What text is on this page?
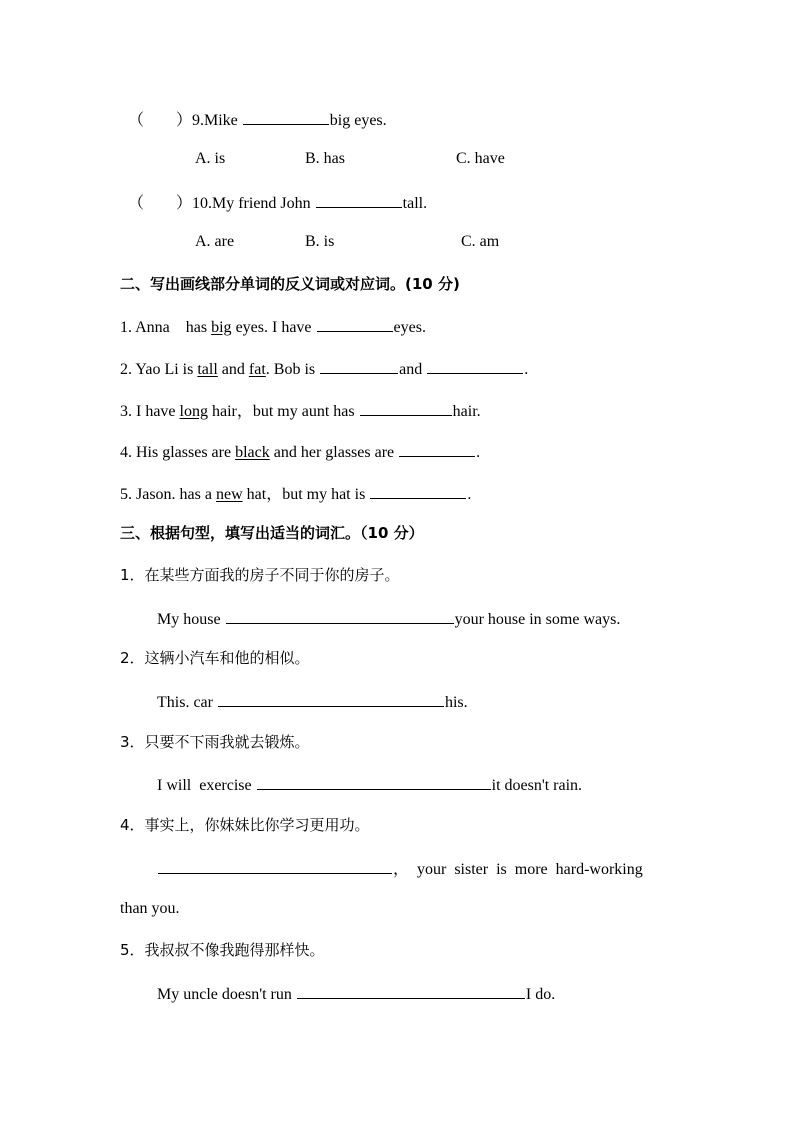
（ ）9.Mike	big eyes.
A. is	B. has	C. have
（ ）10.My friend John	tall.
A. are	B. is	C. am
二、写出画线部分单词的反义词或对应词。(10 分)
1. Anna    has big eyes. I have	eyes.
2. Yao Li is tall and fat. Bob is	and	.
3. I have long hair，but my aunt has	hair.
4. His glasses are black and her glasses are	.
5. Jason. has a new hat，but my hat is	.
三、根据句型，填写出适当的词汇。（10 分）
1．在某些方面我的房子不同于你的房子。
My house	your house in some ways.
2．这辆小汽车和他的相似。
This. car	his.
3．只要不下雨我就去锻炼。
I will  exercise	it doesn't rain.
4．事实上，你妹妹比你学习更用功。
，  your  sister  is  more  hard-working
than you.
5．我叔叔不像我跑得那样快。
My uncle doesn't run	I do.
